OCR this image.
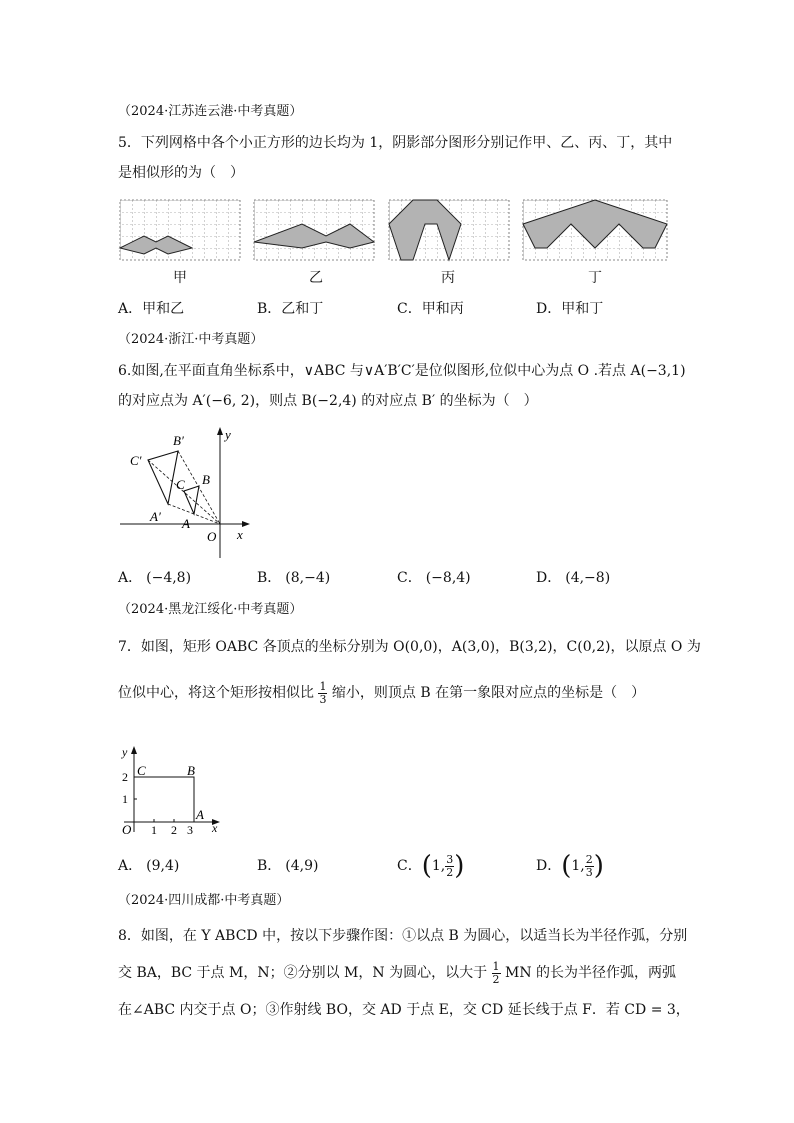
（2024·江苏连云港·中考真题）
5．下列网格中各个小正方形的边长均为 1，阴影部分图形分别记作甲、乙、丙、丁，其中
是相似形的为（　）
甲	乙	丙	丁
A．甲和乙	B．乙和丁	C．甲和丙	D．甲和丁
（2024·浙江·中考真题）
6.如图,在平面直角坐标系中，∨ABC 与∨A′B′C′是位似图形,位似中心为点 O .若点 A(−3,1)
的对应点为 A′(−6, 2)，则点 B(−2,4) 的对应点 B′ 的坐标为（　）
B′
C′
A′
B
C
A
O x
y
A． (−4,8)	B． (8,−4)	C． (−8,4)	D． (4,−8)
（2024·黑龙江绥化·中考真题）
7．如图，矩形 OABC 各顶点的坐标分别为 O(0,0)，A(3,0)，B(3,2)，C(0,2)，以原点 O 为
位似中心，将这个矩形按相似比 $\frac{1}{3}$ 缩小，则顶点 B 在第一象限对应点的坐标是（　）
y
C	B
A
O	x
1 2 3
1
2
A． (9,4)	B． (4,9)	C．(1, $\frac{3}{2}$ )	D．(1, $\frac{2}{3}$ )
（2024·四川成都·中考真题）
8．如图，在 Y ABCD 中，按以下步骤作图：①以点 B 为圆心，以适当长为半径作弧，分别
交 BA，BC 于点 M，N；②分别以 M，N 为圆心，以大于 $\frac{1}{2}$ MN 的长为半径作弧，两弧
在∠ABC 内交于点 O；③作射线 BO，交 AD 于点 E，交 CD 延长线于点 F．若 CD = 3，
